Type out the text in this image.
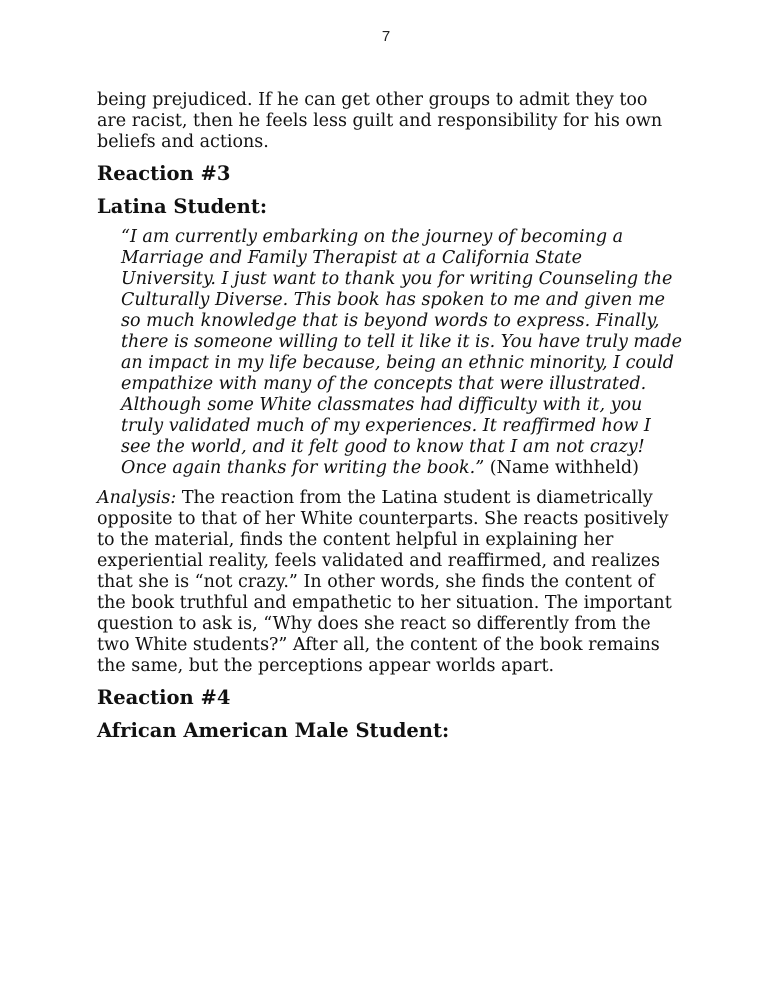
7

being prejudiced. If he can get other groups to admit they too are racist, then he feels less guilt and responsibility for his own beliefs and actions.

Reaction #3
Latina Student:

“I am currently embarking on the journey of becoming a Marriage and Family Therapist at a California State University. I just want to thank you for writing Counseling the Culturally Diverse. This book has spoken to me and given me so much knowledge that is beyond words to express. Finally, there is someone willing to tell it like it is. You have truly made an impact in my life because, being an ethnic minority, I could empathize with many of the concepts that were illustrated. Although some White classmates had difficulty with it, you truly validated much of my experiences. It reaffirmed how I see the world, and it felt good to know that I am not crazy! Once again thanks for writing the book.” (Name withheld)

Analysis: The reaction from the Latina student is diametrically opposite to that of her White counterparts. She reacts positively to the material, finds the content helpful in explaining her experiential reality, feels validated and reaffirmed, and realizes that she is “not crazy.” In other words, she finds the content of the book truthful and empathetic to her situation. The important question to ask is, “Why does she react so differently from the two White students?” After all, the content of the book remains the same, but the perceptions appear worlds apart.

Reaction #4
African American Male Student:
